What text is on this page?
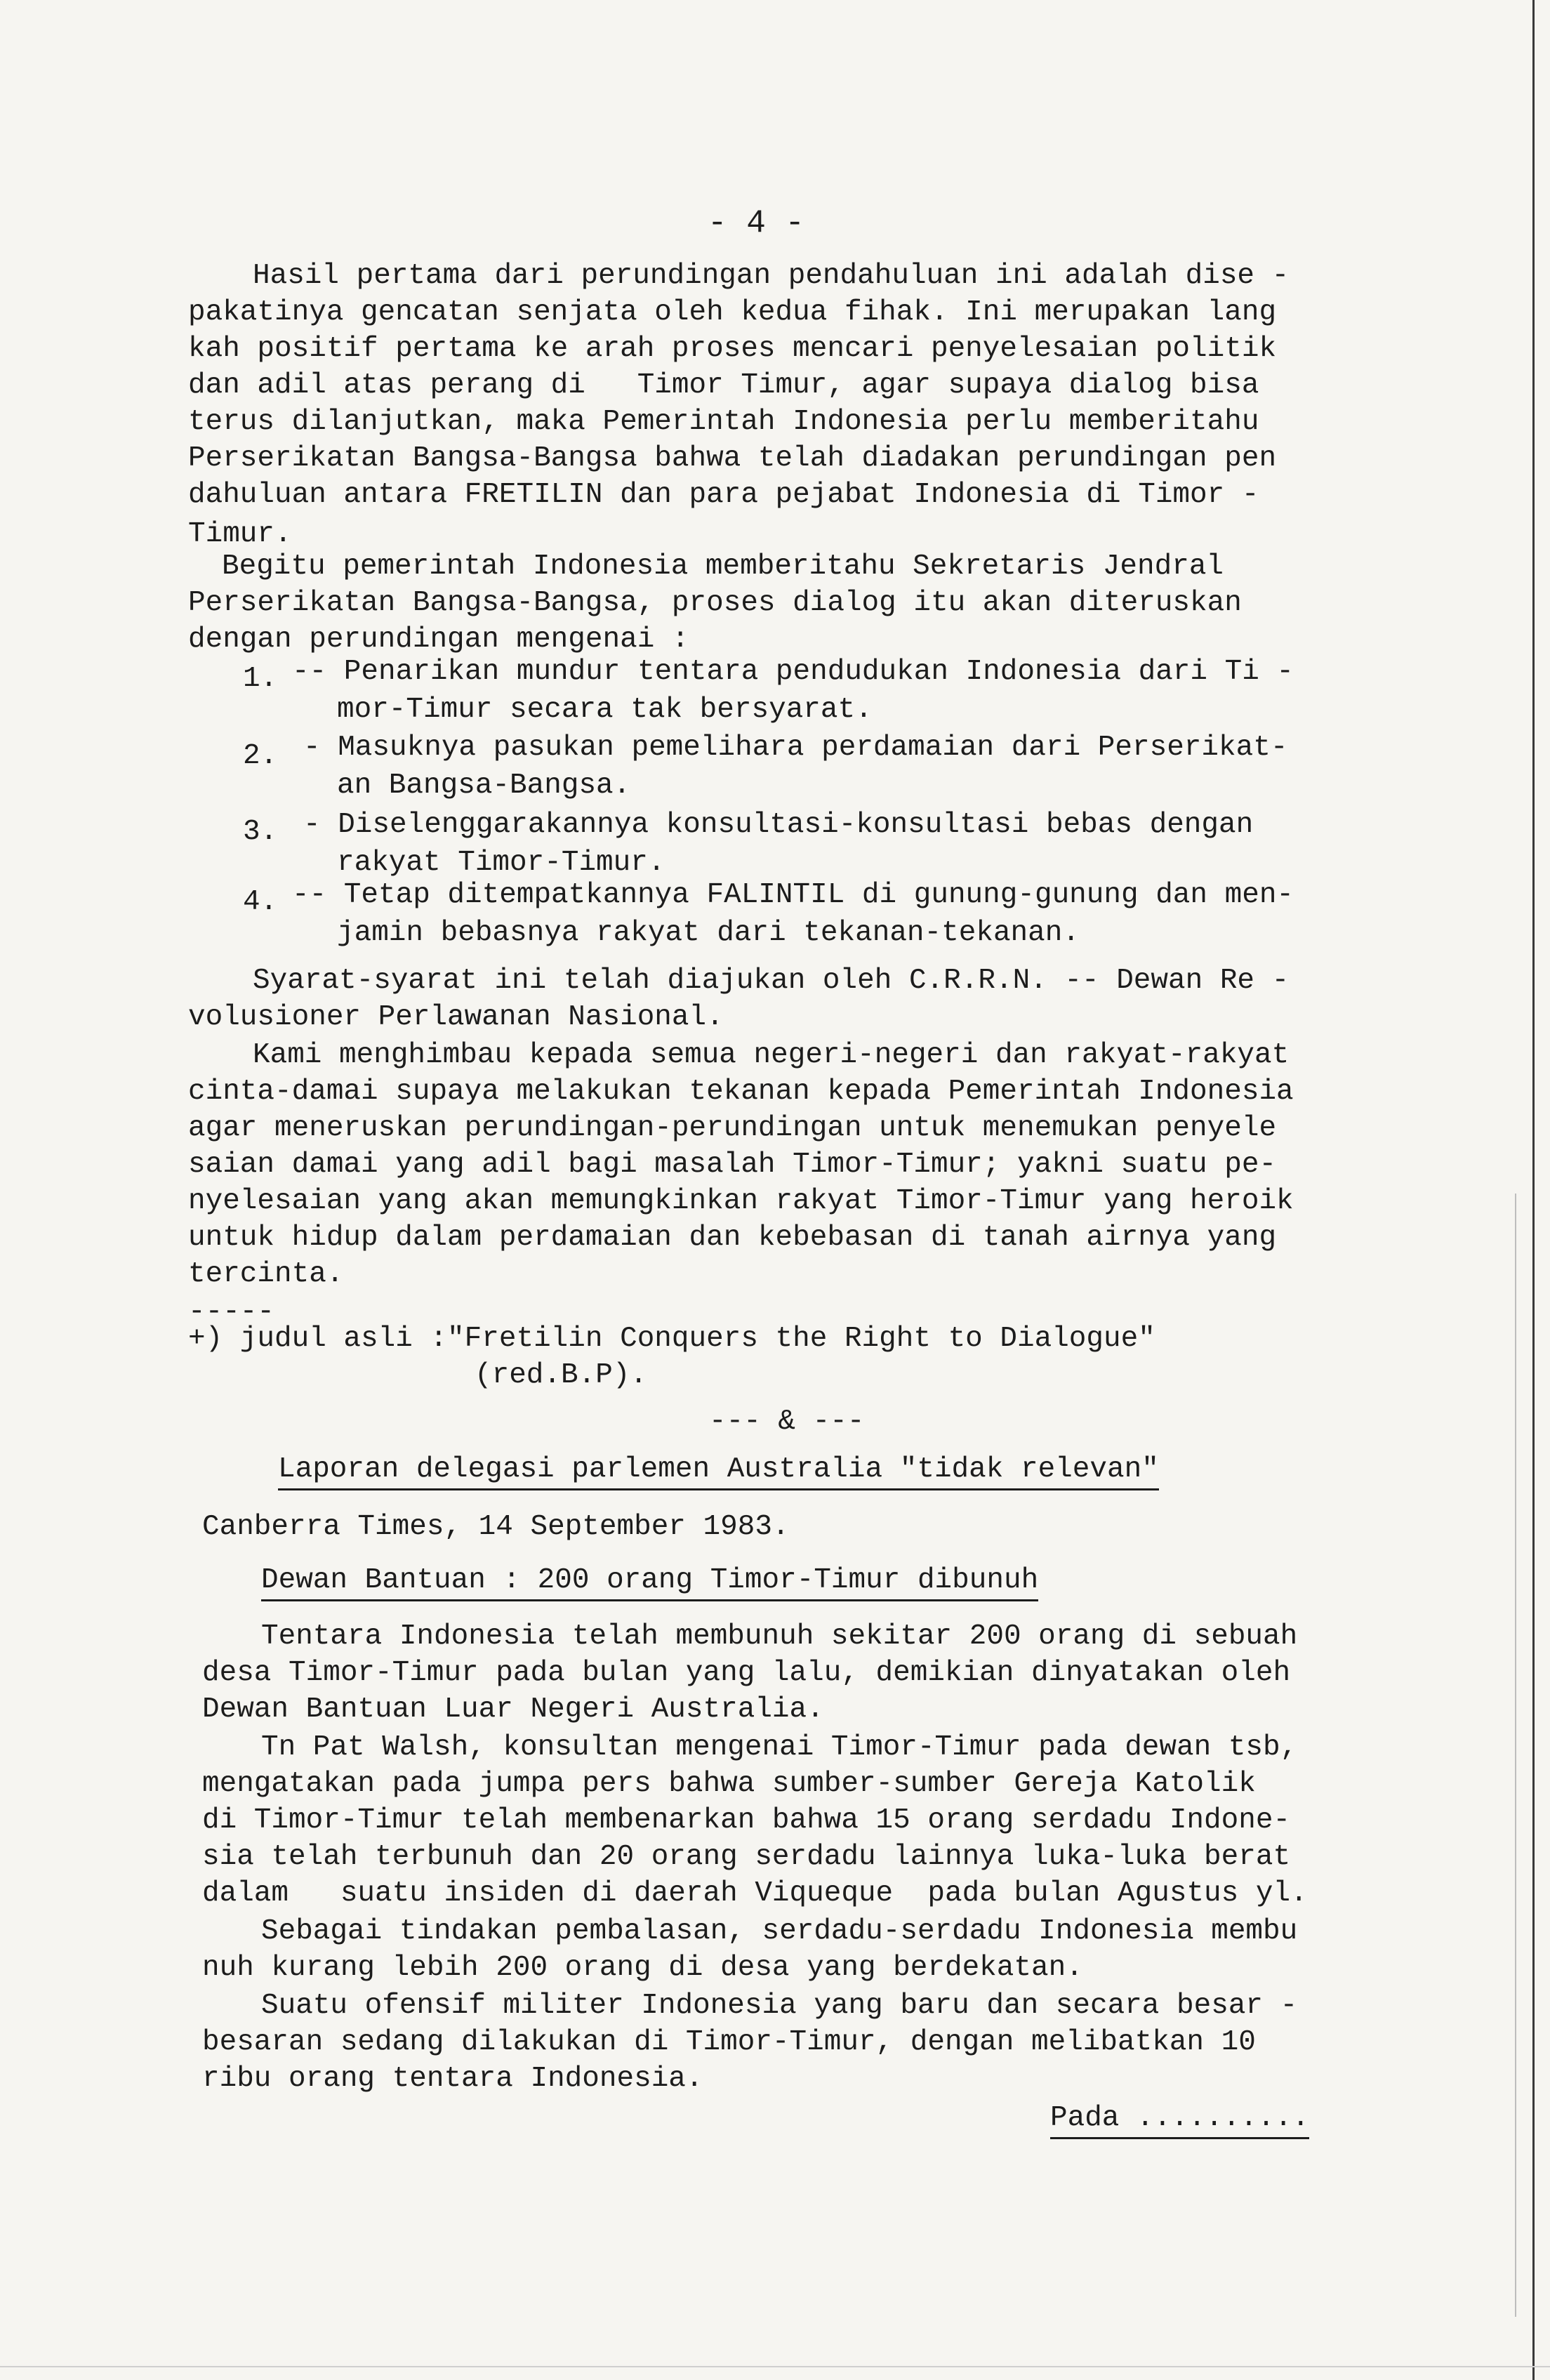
- 4 -
Hasil pertama dari perundingan pendahuluan ini adalah dise -
pakatinya gencatan senjata oleh kedua fihak. Ini merupakan lang
kah positif pertama ke arah proses mencari penyelesaian politik
dan adil atas perang di   Timor Timur, agar supaya dialog bisa
terus dilanjutkan, maka Pemerintah Indonesia perlu memberitahu
Perserikatan Bangsa-Bangsa bahwa telah diadakan perundingan pen
dahuluan antara FRETILIN dan para pejabat Indonesia di Timor -
Timur.
Begitu pemerintah Indonesia memberitahu Sekretaris Jendral
Perserikatan Bangsa-Bangsa, proses dialog itu akan diteruskan
dengan perundingan mengenai :
1. -- Penarikan mundur tentara pendudukan Indonesia dari Ti -
mor-Timur secara tak bersyarat.
2. - Masuknya pasukan pemelihara perdamaian dari Perserikat-
an Bangsa-Bangsa.
3. - Diselenggarakannya konsultasi-konsultasi bebas dengan
rakyat Timor-Timur.
4. -- Tetap ditempatkannya FALINTIL di gunung-gunung dan men-
jamin bebasnya rakyat dari tekanan-tekanan.
Syarat-syarat ini telah diajukan oleh C.R.R.N. -- Dewan Re -
volusioner Perlawanan Nasional.
Kami menghimbau kepada semua negeri-negeri dan rakyat-rakyat
cinta-damai supaya melakukan tekanan kepada Pemerintah Indonesia
agar meneruskan perundingan-perundingan untuk menemukan penyele
saian damai yang adil bagi masalah Timor-Timur; yakni suatu pe-
nyelesaian yang akan memungkinkan rakyat Timor-Timur yang heroik
untuk hidup dalam perdamaian dan kebebasan di tanah airnya yang
tercinta.
-----
+) judul asli :"Fretilin Conquers the Right to Dialogue"
(red.B.P).
--- & ---
Laporan delegasi parlemen Australia "tidak relevan"
Canberra Times, 14 September 1983.
Dewan Bantuan : 200 orang Timor-Timur dibunuh
Tentara Indonesia telah membunuh sekitar 200 orang di sebuah
desa Timor-Timur pada bulan yang lalu, demikian dinyatakan oleh
Dewan Bantuan Luar Negeri Australia.
Tn Pat Walsh, konsultan mengenai Timor-Timur pada dewan tsb,
mengatakan pada jumpa pers bahwa sumber-sumber Gereja Katolik
di Timor-Timur telah membenarkan bahwa 15 orang serdadu Indone-
sia telah terbunuh dan 20 orang serdadu lainnya luka-luka berat
dalam   suatu insiden di daerah Viqueque  pada bulan Agustus yl.
Sebagai tindakan pembalasan, serdadu-serdadu Indonesia membu
nuh kurang lebih 200 orang di desa yang berdekatan.
Suatu ofensif militer Indonesia yang baru dan secara besar -
besaran sedang dilakukan di Timor-Timur, dengan melibatkan 10
ribu orang tentara Indonesia.
Pada ..........
